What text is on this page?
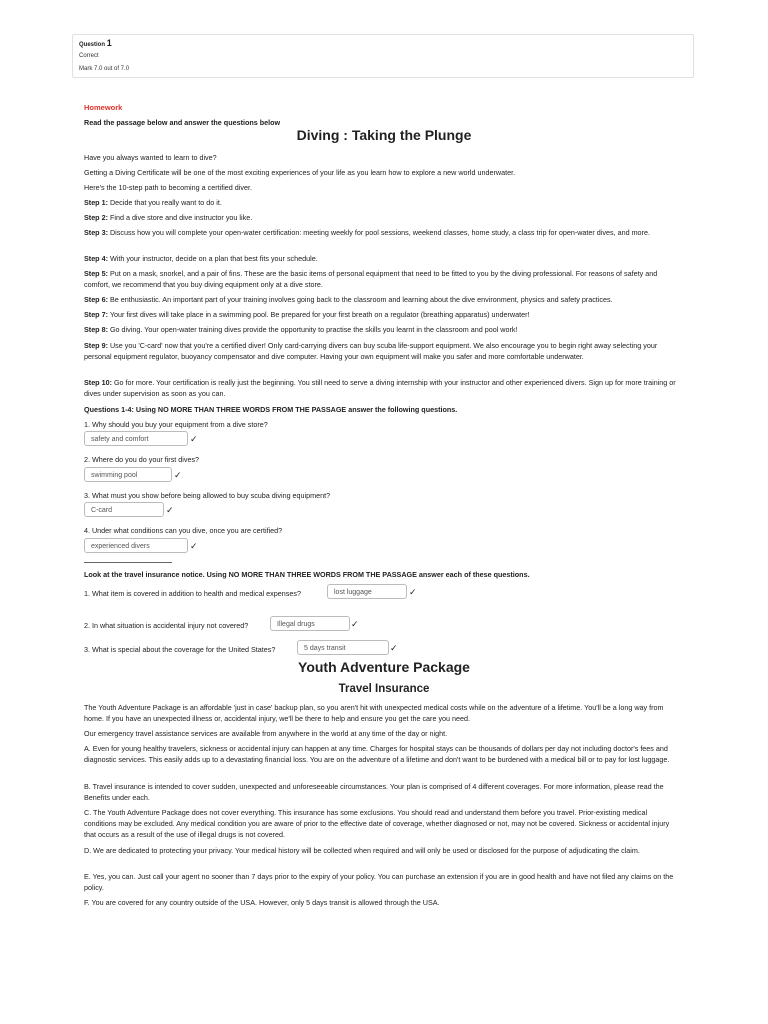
Question 1
Correct
Mark 7.0 out of 7.0
Homework
Read the passage below and answer the questions below
Diving : Taking the Plunge
Have you always wanted to learn to dive?
Getting a Diving Certificate will be one of the most exciting experiences of your life as you learn how to explore a new world underwater.
Here's the 10-step path to becoming a certified diver.
Step 1: Decide that you really want to do it.
Step 2: Find a dive store and dive instructor you like.
Step 3: Discuss how you will complete your open-water certification: meeting weekly for pool sessions, weekend classes, home study, a class trip for open-water dives, and more.
Step 4: With your instructor, decide on a plan that best fits your schedule.
Step 5: Put on a mask, snorkel, and a pair of fins. These are the basic items of personal equipment that need to be fitted to you by the diving professional. For reasons of safety and comfort, we recommend that you buy diving equipment only at a dive store.
Step 6: Be enthusiastic. An important part of your training involves going back to the classroom and learning about the dive environment, physics and safety practices.
Step 7: Your first dives will take place in a swimming pool. Be prepared for your first breath on a regulator (breathing apparatus) underwater!
Step 8: Go diving. Your open-water training dives provide the opportunity to practise the skills you learnt in the classroom and pool work!
Step 9: Use you 'C-card' now that you're a certified diver! Only card-carrying divers can buy scuba life-support equipment. We also encourage you to begin right away selecting your personal equipment regulator, buoyancy compensator and dive computer. Having your own equipment will make you safer and more comfortable underwater.
Step 10: Go for more. Your certification is really just the beginning. You still need to serve a diving internship with your instructor and other experienced divers. Sign up for more training or dives under supervision as soon as you can.
Questions 1-4: Using NO MORE THAN THREE WORDS FROM THE PASSAGE answer the following questions.
1. Why should you buy your equipment from a dive store?
safety and comfort	✓
2. Where do you do your first dives?
swimming pool	✓
3. What must you show before being allowed to buy scuba diving equipment?
C-card	✓
4. Under what conditions can you dive, once you are certified?
experienced divers	✓
Look at the travel insurance notice. Using NO MORE THAN THREE WORDS FROM THE PASSAGE answer each of these questions.
1. What item is covered in addition to health and medical expenses?	lost luggage	✓
2. In what situation is accidental injury not covered?	Illegal drugs	✓
3. What is special about the coverage for the United States?	5 days transit	✓
Youth Adventure Package
Travel Insurance
The Youth Adventure Package is an affordable 'just in case' backup plan, so you aren't hit with unexpected medical costs while on the adventure of a lifetime. You'll be a long way from home. If you have an unexpected illness or, accidental injury, we'll be there to help and ensure you get the care you need.
Our emergency travel assistance services are available from anywhere in the world at any time of the day or night.
A. Even for young healthy travelers, sickness or accidental injury can happen at any time. Charges for hospital stays can be thousands of dollars per day not including doctor's fees and diagnostic services. This easily adds up to a devastating financial loss. You are on the adventure of a lifetime and don't want to be burdened with a medical bill or to pay for lost luggage.
B. Travel insurance is intended to cover sudden, unexpected and unforeseeable circumstances. Your plan is comprised of 4 different coverages. For more information, please read the Benefits under each.
C. The Youth Adventure Package does not cover everything. This insurance has some exclusions. You should read and understand them before you travel. Prior-existing medical conditions may be excluded. Any medical condition you are aware of prior to the effective date of coverage, whether diagnosed or not, may not be covered. Sickness or accidental injury that occurs as a result of the use of illegal drugs is not covered.
D. We are dedicated to protecting your privacy. Your medical history will be collected when required and will only be used or disclosed for the purpose of adjudicating the claim.
E. Yes, you can. Just call your agent no sooner than 7 days prior to the expiry of your policy. You can purchase an extension if you are in good health and have not filed any claims on the policy.
F. You are covered for any country outside of the USA. However, only 5 days transit is allowed through the USA.
